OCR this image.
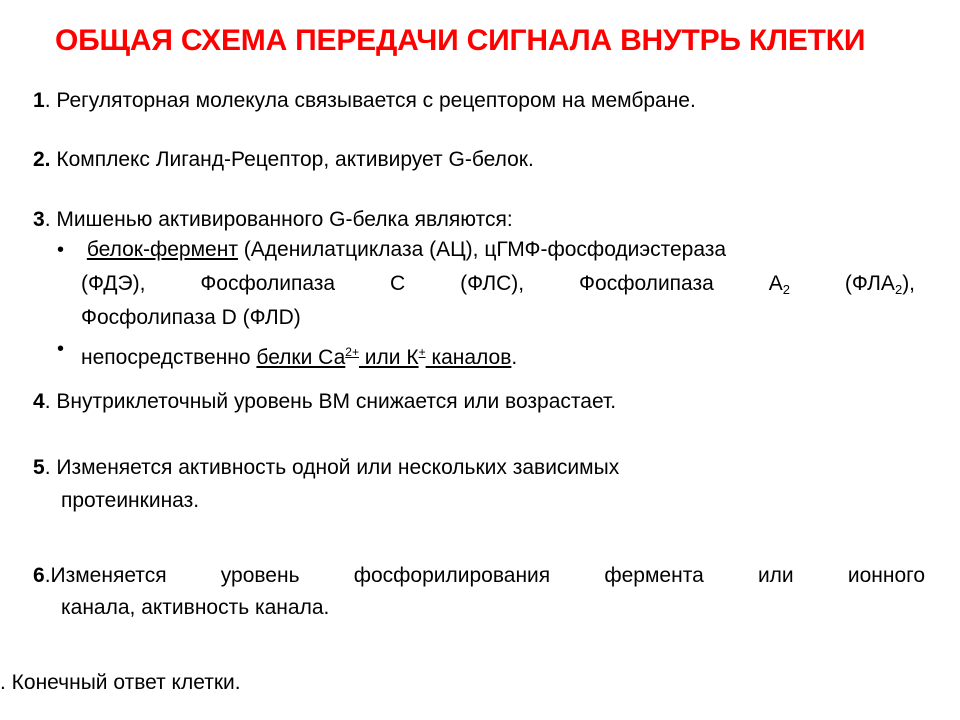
ОБЩАЯ СХЕМА ПЕРЕДАЧИ СИГНАЛА ВНУТРЬ КЛЕТКИ
1. Регуляторная молекула связывается с рецептором на мембране.
2. Комплекс Лиганд-Рецептор, активирует G-белок.
3. Мишенью активированного G-белка являются:
• белок-фермент (Аденилатциклаза (АЦ), цГМФ-фосфодиэстераза
(ФДЭ), Фосфолипаза С (ФЛС), Фосфолипаза $А_2$ $(ФЛА_2)$,
Фосфолипаза D (ФЛD)
• непосредственно белки $Са^{2+}$ или К+ каналов.
4. Внутриклеточный уровень ВМ снижается или возрастает.
5. Изменяется активность одной или нескольких зависимых
протеинкиназ.
6.Изменяется уровень фосфорилирования фермента или ионного
канала, активность канала.
. Конечный ответ клетки.
